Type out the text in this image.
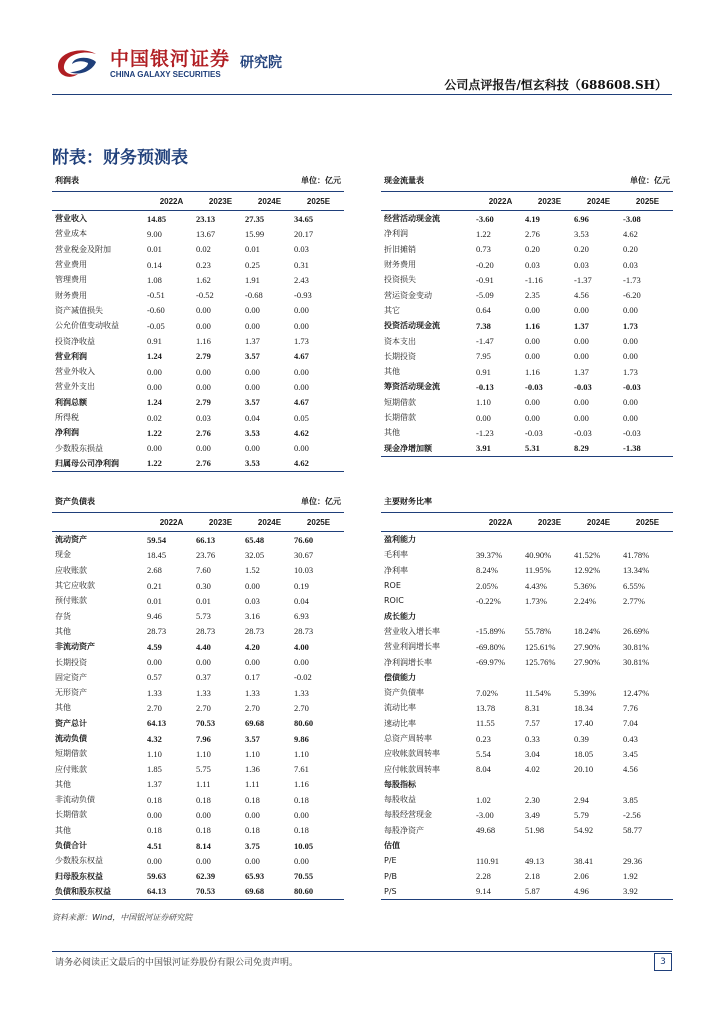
中国银河证券
CHINA GALAXY SECURITIES
研究院
公司点评报告/恒玄科技（688608.SH）
附表：财务预测表
利润表	单位：亿元
2022A	2023E	2024E	2025E
营业收入	14.85	23.13	27.35	34.65
营业成本	9.00	13.67	15.99	20.17
营业税金及附加	0.01	0.02	0.01	0.03
营业费用	0.14	0.23	0.25	0.31
管理费用	1.08	1.62	1.91	2.43
财务费用	-0.51	-0.52	-0.68	-0.93
资产减值损失	-0.60	0.00	0.00	0.00
公允价值变动收益	-0.05	0.00	0.00	0.00
投资净收益	0.91	1.16	1.37	1.73
营业利润	1.24	2.79	3.57	4.67
营业外收入	0.00	0.00	0.00	0.00
营业外支出	0.00	0.00	0.00	0.00
利润总额	1.24	2.79	3.57	4.67
所得税	0.02	0.03	0.04	0.05
净利润	1.22	2.76	3.53	4.62
少数股东损益	0.00	0.00	0.00	0.00
归属母公司净利润	1.22	2.76	3.53	4.62
现金流量表	单位：亿元
2022A	2023E	2024E	2025E
经营活动现金流	-3.60	4.19	6.96	-3.08
净利润	1.22	2.76	3.53	4.62
折旧摊销	0.73	0.20	0.20	0.20
财务费用	-0.20	0.03	0.03	0.03
投资损失	-0.91	-1.16	-1.37	-1.73
营运资金变动	-5.09	2.35	4.56	-6.20
其它	0.64	0.00	0.00	0.00
投资活动现金流	7.38	1.16	1.37	1.73
资本支出	-1.47	0.00	0.00	0.00
长期投资	7.95	0.00	0.00	0.00
其他	0.91	1.16	1.37	1.73
筹资活动现金流	-0.13	-0.03	-0.03	-0.03
短期借款	1.10	0.00	0.00	0.00
长期借款	0.00	0.00	0.00	0.00
其他	-1.23	-0.03	-0.03	-0.03
现金净增加额	3.91	5.31	8.29	-1.38
资产负债表	单位：亿元
2022A	2023E	2024E	2025E
流动资产	59.54	66.13	65.48	76.60
现金	18.45	23.76	32.05	30.67
应收账款	2.68	7.60	1.52	10.03
其它应收款	0.21	0.30	0.00	0.19
预付账款	0.01	0.01	0.03	0.04
存货	9.46	5.73	3.16	6.93
其他	28.73	28.73	28.73	28.73
非流动资产	4.59	4.40	4.20	4.00
长期投资	0.00	0.00	0.00	0.00
固定资产	0.57	0.37	0.17	-0.02
无形资产	1.33	1.33	1.33	1.33
其他	2.70	2.70	2.70	2.70
资产总计	64.13	70.53	69.68	80.60
流动负债	4.32	7.96	3.57	9.86
短期借款	1.10	1.10	1.10	1.10
应付账款	1.85	5.75	1.36	7.61
其他	1.37	1.11	1.11	1.16
非流动负债	0.18	0.18	0.18	0.18
长期借款	0.00	0.00	0.00	0.00
其他	0.18	0.18	0.18	0.18
负债合计	4.51	8.14	3.75	10.05
少数股东权益	0.00	0.00	0.00	0.00
归母股东权益	59.63	62.39	65.93	70.55
负债和股东权益	64.13	70.53	69.68	80.60
主要财务比率
2022A	2023E	2024E	2025E
盈利能力
毛利率	39.37%	40.90%	41.52%	41.78%
净利率	8.24%	11.95%	12.92%	13.34%
ROE	2.05%	4.43%	5.36%	6.55%
ROIC	-0.22%	1.73%	2.24%	2.77%
成长能力
营业收入增长率	-15.89%	55.78%	18.24%	26.69%
营业利润增长率	-69.80%	125.61%	27.90%	30.81%
净利润增长率	-69.97%	125.76%	27.90%	30.81%
偿债能力
资产负债率	7.02%	11.54%	5.39%	12.47%
流动比率	13.78	8.31	18.34	7.76
速动比率	11.55	7.57	17.40	7.04
总资产周转率	0.23	0.33	0.39	0.43
应收帐款周转率	5.54	3.04	18.05	3.45
应付帐款周转率	8.04	4.02	20.10	4.56
每股指标
每股收益	1.02	2.30	2.94	3.85
每股经营现金	-3.00	3.49	5.79	-2.56
每股净资产	49.68	51.98	54.92	58.77
估值
P/E	110.91	49.13	38.41	29.36
P/B	2.28	2.18	2.06	1.92
P/S	9.14	5.87	4.96	3.92
资料来源：Wind，中国银河证券研究院
请务必阅读正文最后的中国银河证券股份有限公司免责声明。	3
